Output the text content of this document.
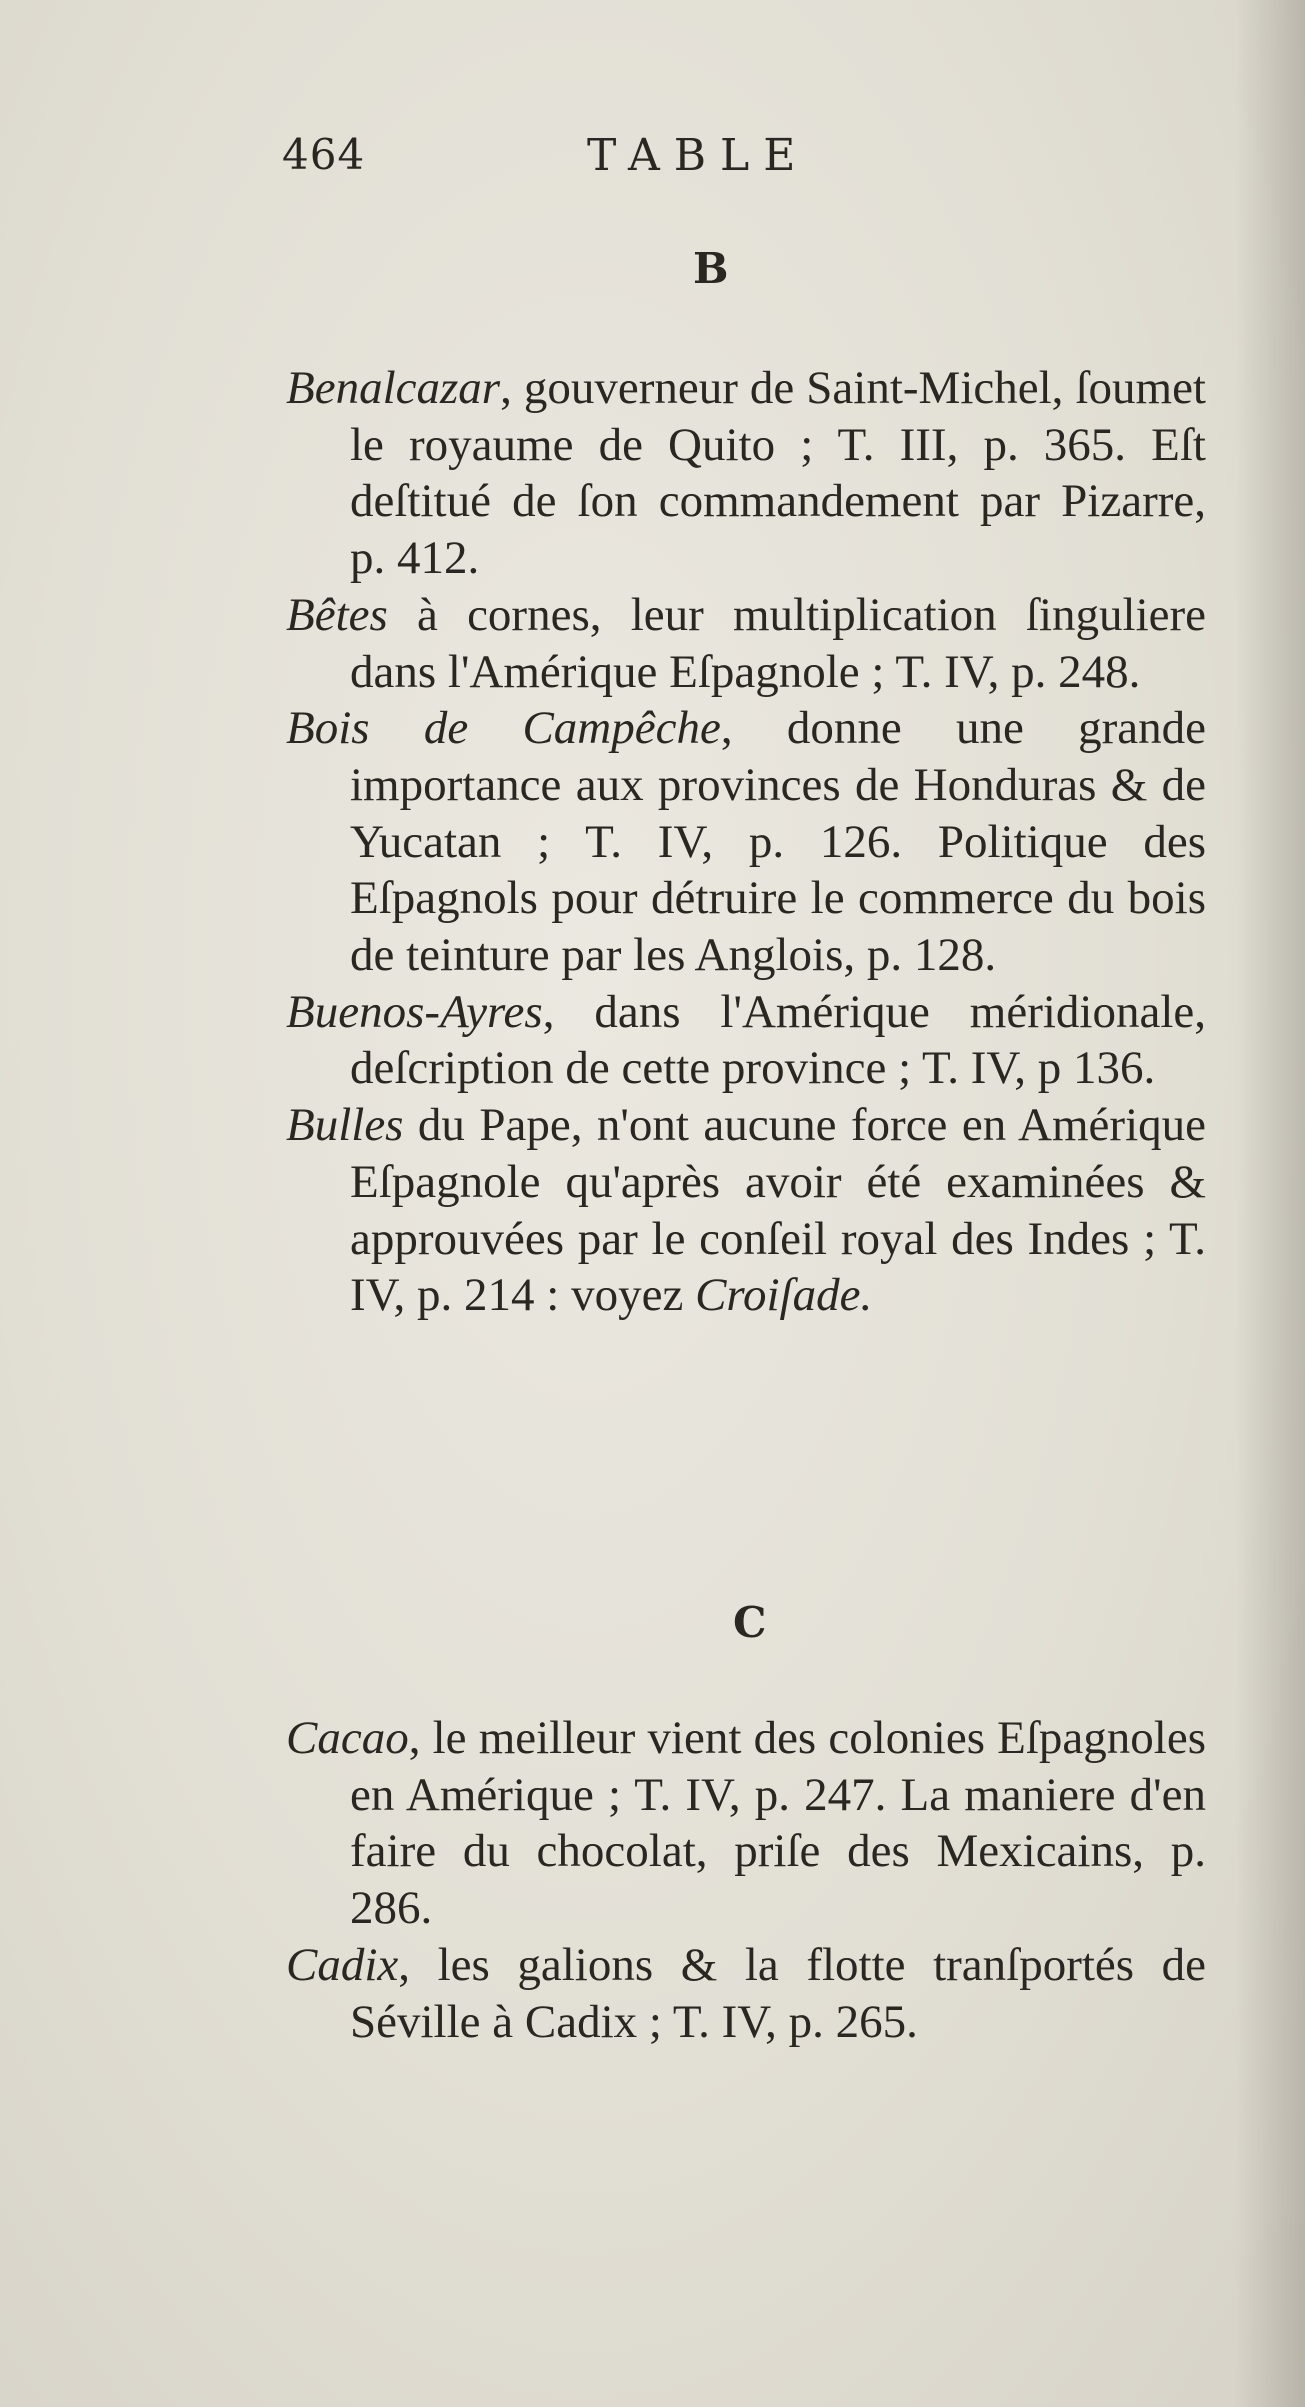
464	TABLE
B

Benalcazar, gouverneur de Saint-Michel, ſoumet le royaume de Quito ; T. III, p. 365. Eſt deſtitué de ſon commandement par Pizarre, p. 412.

Bêtes à cornes, leur multiplication ſinguliere dans l'Amérique Eſpagnole ; T. IV, p. 248.

Bois de Campêche, donne une grande importance aux provinces de Honduras & de Yucatan ; T. IV, p. 126. Politique des Eſpagnols pour détruire le commerce du bois de teinture par les Anglois, p. 128.

Buenos-Ayres, dans l'Amérique méridionale, deſcription de cette province ; T. IV, p 136.

Bulles du Pape, n'ont aucune force en Amérique Eſpagnole qu'après avoir été examinées & approuvées par le conſeil royal des Indes ; T. IV, p. 214 : voyez Croiſade.

C

Cacao, le meilleur vient des colonies Eſpagnoles en Amérique ; T. IV, p. 247. La maniere d'en faire du chocolat, priſe des Mexicains, p. 286.

Cadix, les galions & la flotte tranſportés de Séville à Cadix ; T. IV, p. 265.
